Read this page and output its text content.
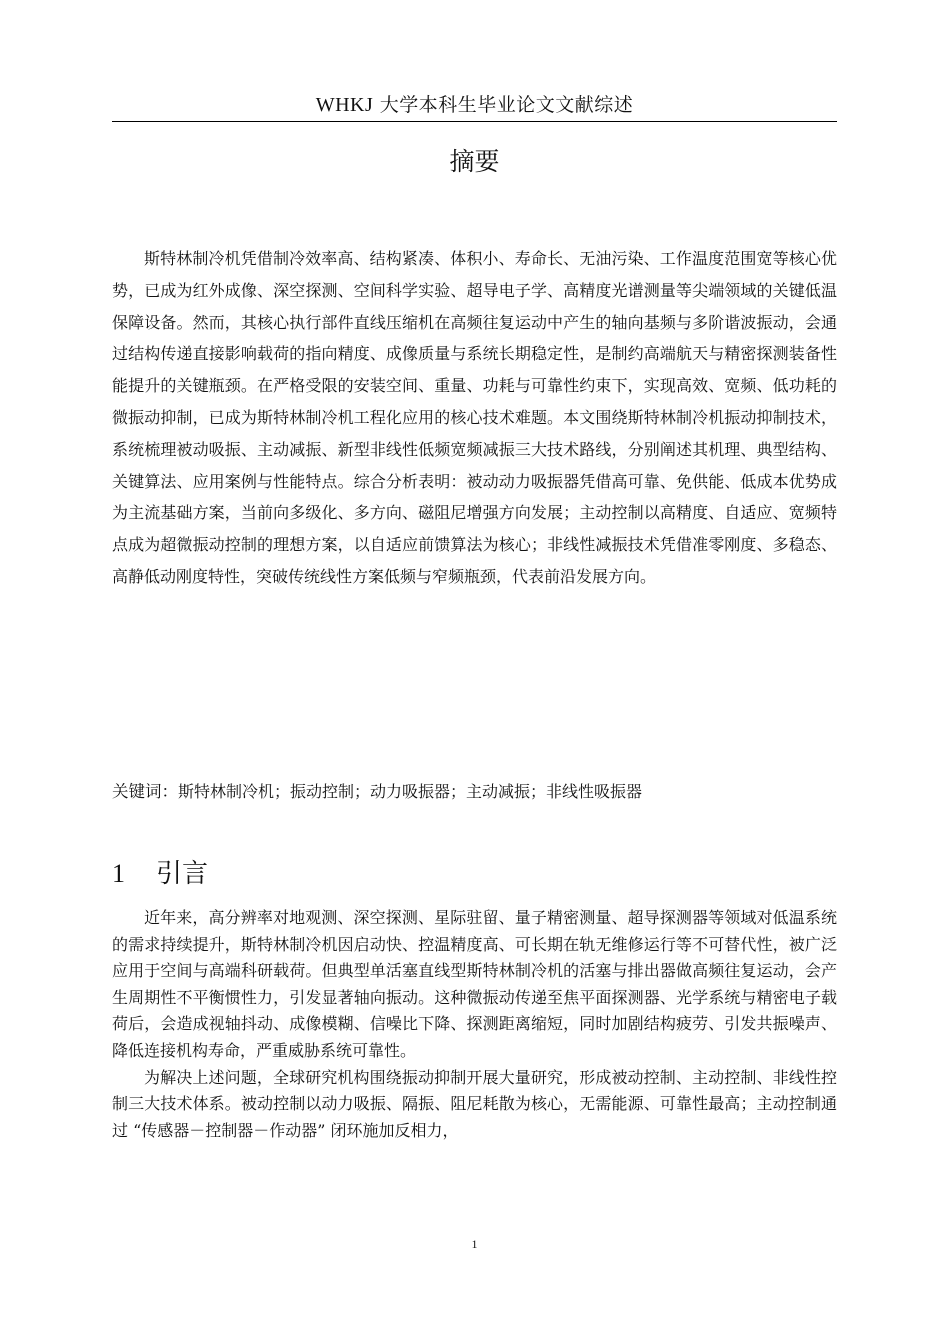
WHKJ 大学本科生毕业论文文献综述
摘要

斯特林制冷机凭借制冷效率高、结构紧凑、体积小、寿命长、无油污染、工作温度范围宽等核心优势，已成为红外成像、深空探测、空间科学实验、超导电子学、高精度光谱测量等尖端领域的关键低温保障设备。然而，其核心执行部件直线压缩机在高频往复运动中产生的轴向基频与多阶谐波振动，会通过结构传递直接影响载荷的指向精度、成像质量与系统长期稳定性，是制约高端航天与精密探测装备性能提升的关键瓶颈。在严格受限的安装空间、重量、功耗与可靠性约束下，实现高效、宽频、低功耗的微振动抑制，已成为斯特林制冷机工程化应用的核心技术难题。本文围绕斯特林制冷机振动抑制技术，系统梳理被动吸振、主动减振、新型非线性低频宽频减振三大技术路线，分别阐述其机理、典型结构、关键算法、应用案例与性能特点。综合分析表明：被动动力吸振器凭借高可靠、免供能、低成本优势成为主流基础方案，当前向多级化、多方向、磁阻尼增强方向发展；主动控制以高精度、自适应、宽频特点成为超微振动控制的理想方案，以自适应前馈算法为核心；非线性减振技术凭借准零刚度、多稳态、高静低动刚度特性，突破传统线性方案低频与窄频瓶颈，代表前沿发展方向。

关键词：斯特林制冷机；振动控制；动力吸振器；主动减振；非线性吸振器
1 引言

近年来，高分辨率对地观测、深空探测、星际驻留、量子精密测量、超导探测器等领域对低温系统的需求持续提升，斯特林制冷机因启动快、控温精度高、可长期在轨无维修运行等不可替代性，被广泛应用于空间与高端科研载荷。但典型单活塞直线型斯特林制冷机的活塞与排出器做高频往复运动，会产生周期性不平衡惯性力，引发显著轴向振动。这种微振动传递至焦平面探测器、光学系统与精密电子载荷后，会造成视轴抖动、成像模糊、信噪比下降、探测距离缩短，同时加剧结构疲劳、引发共振噪声、降低连接机构寿命，严重威胁系统可靠性。

为解决上述问题，全球研究机构围绕振动抑制开展大量研究，形成被动控制、主动控制、非线性控制三大技术体系。被动控制以动力吸振、隔振、阻尼耗散为核心，无需能源、可靠性最高；主动控制通过 “传感器－控制器－作动器” 闭环施加反相力，

1
